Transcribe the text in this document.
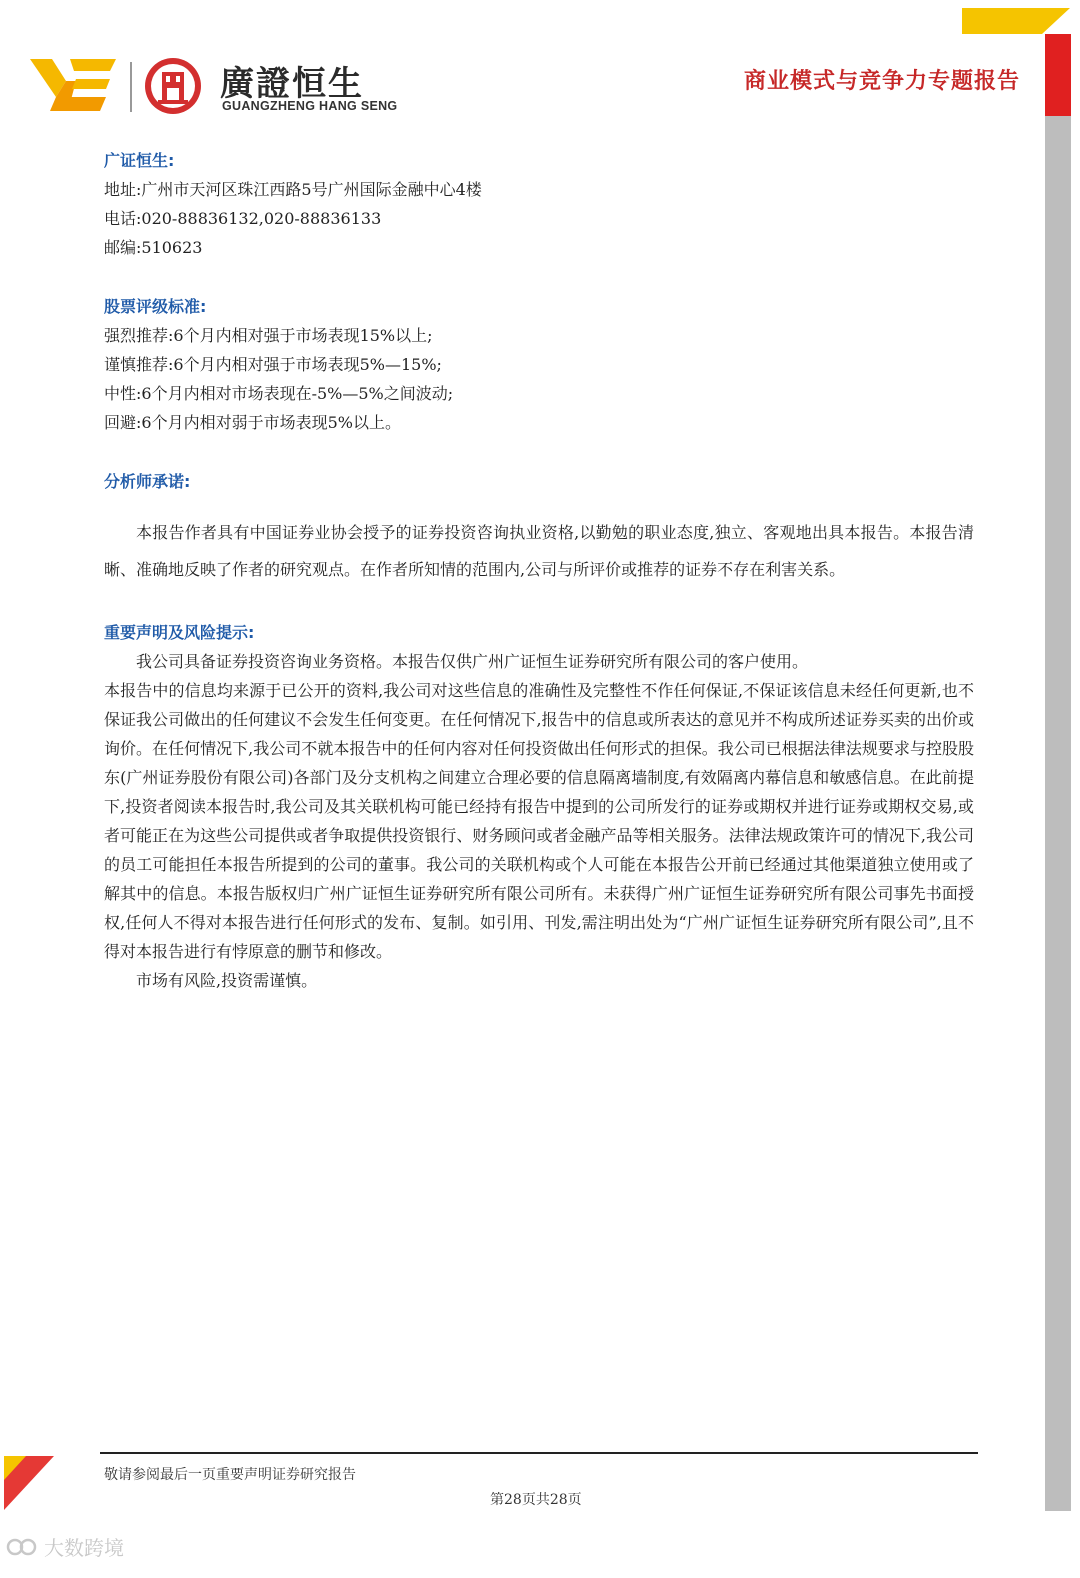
廣證恒生
GUANGZHENG HANG SENG
商业模式与竞争力专题报告
广证恒生:
地址:广州市天河区珠江西路5号广州国际金融中心4楼
电话:020-88836132,020-88836133
邮编:510623
股票评级标准:
强烈推荐:6个月内相对强于市场表现15%以上;
谨慎推荐:6个月内相对强于市场表现5%—15%;
中性:6个月内相对市场表现在-5%—5%之间波动;
回避:6个月内相对弱于市场表现5%以上。
分析师承诺:
本报告作者具有中国证券业协会授予的证券投资咨询执业资格,以勤勉的职业态度,独立、客观地出具本报告。本报告清晰、准确地反映了作者的研究观点。在作者所知情的范围内,公司与所评价或推荐的证券不存在利害关系。
重要声明及风险提示:
我公司具备证券投资咨询业务资格。本报告仅供广州广证恒生证券研究所有限公司的客户使用。
本报告中的信息均来源于已公开的资料,我公司对这些信息的准确性及完整性不作任何保证,不保证该信息未经任何更新,也不保证我公司做出的任何建议不会发生任何变更。在任何情况下,报告中的信息或所表达的意见并不构成所述证券买卖的出价或询价。在任何情况下,我公司不就本报告中的任何内容对任何投资做出任何形式的担保。我公司已根据法律法规要求与控股股东(广州证券股份有限公司)各部门及分支机构之间建立合理必要的信息隔离墙制度,有效隔离内幕信息和敏感信息。在此前提下,投资者阅读本报告时,我公司及其关联机构可能已经持有报告中提到的公司所发行的证券或期权并进行证券或期权交易,或者可能正在为这些公司提供或者争取提供投资银行、财务顾问或者金融产品等相关服务。法律法规政策许可的情况下,我公司的员工可能担任本报告所提到的公司的董事。我公司的关联机构或个人可能在本报告公开前已经通过其他渠道独立使用或了解其中的信息。本报告版权归广州广证恒生证券研究所有限公司所有。未获得广州广证恒生证券研究所有限公司事先书面授权,任何人不得对本报告进行任何形式的发布、复制。如引用、刊发,需注明出处为“广州广证恒生证券研究所有限公司”,且不得对本报告进行有悖原意的删节和修改。
市场有风险,投资需谨慎。
敬请参阅最后一页重要声明证券研究报告
第28页共28页
大数跨境
